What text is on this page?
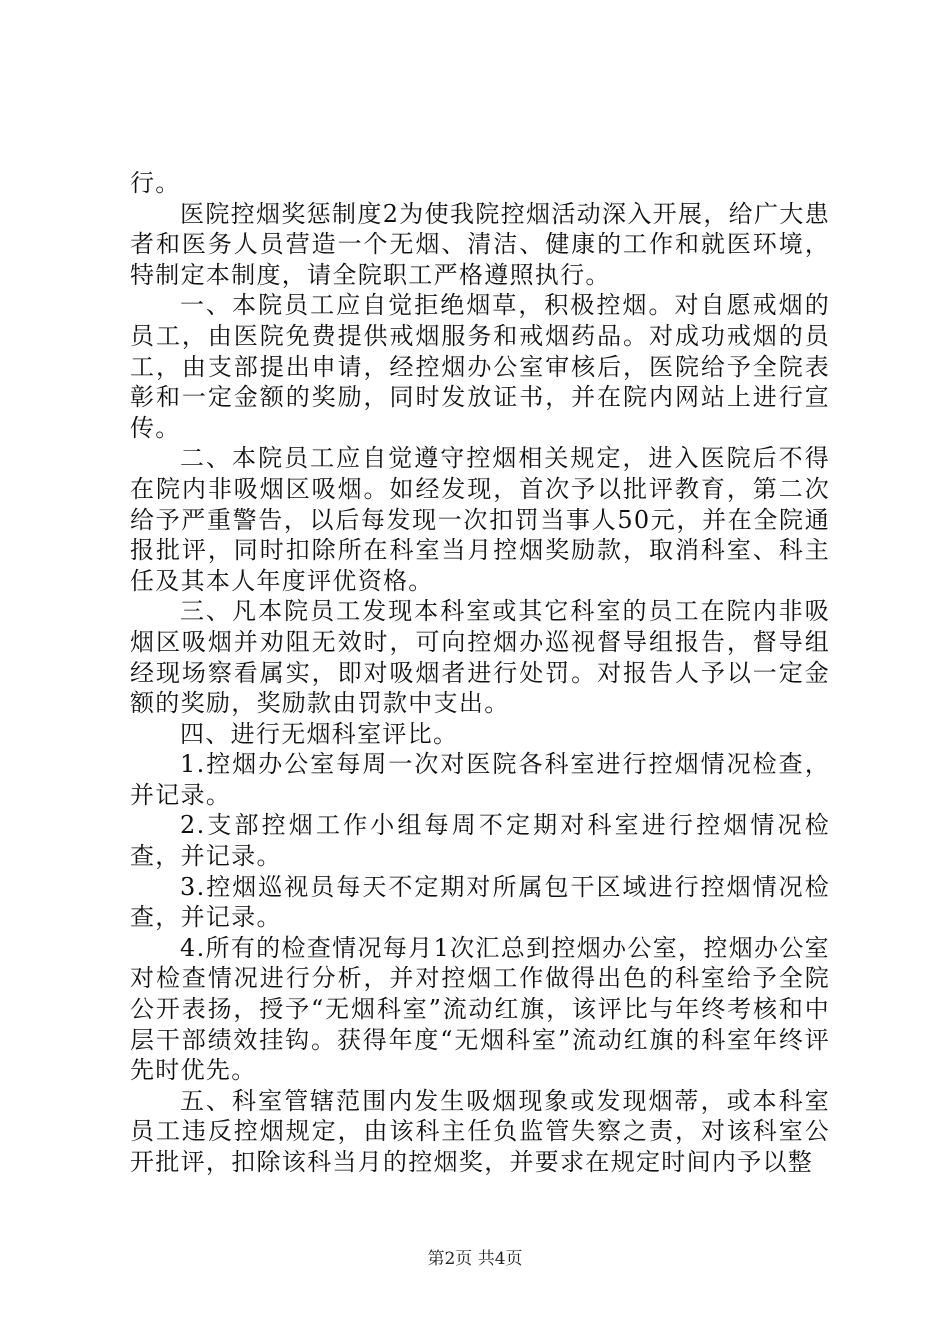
行。

医院控烟奖惩制度2为使我院控烟活动深入开展，给广大患者和医务人员营造一个无烟、清洁、健康的工作和就医环境，特制定本制度，请全院职工严格遵照执行。

一、本院员工应自觉拒绝烟草，积极控烟。对自愿戒烟的员工，由医院免费提供戒烟服务和戒烟药品。对成功戒烟的员工，由支部提出申请，经控烟办公室审核后，医院给予全院表彰和一定金额的奖励，同时发放证书，并在院内网站上进行宣传。

二、本院员工应自觉遵守控烟相关规定，进入医院后不得在院内非吸烟区吸烟。如经发现，首次予以批评教育，第二次给予严重警告，以后每发现一次扣罚当事人50元，并在全院通报批评，同时扣除所在科室当月控烟奖励款，取消科室、科主任及其本人年度评优资格。

三、凡本院员工发现本科室或其它科室的员工在院内非吸烟区吸烟并劝阻无效时，可向控烟办巡视督导组报告，督导组经现场察看属实，即对吸烟者进行处罚。对报告人予以一定金额的奖励，奖励款由罚款中支出。

四、进行无烟科室评比。

1.控烟办公室每周一次对医院各科室进行控烟情况检查，并记录。

2.支部控烟工作小组每周不定期对科室进行控烟情况检查，并记录。

3.控烟巡视员每天不定期对所属包干区域进行控烟情况检查，并记录。

4.所有的检查情况每月1次汇总到控烟办公室，控烟办公室对检查情况进行分析，并对控烟工作做得出色的科室给予全院公开表扬，授予“无烟科室”流动红旗，该评比与年终考核和中层干部绩效挂钩。获得年度“无烟科室”流动红旗的科室年终评先时优先。

五、科室管辖范围内发生吸烟现象或发现烟蒂，或本科室员工违反控烟规定，由该科主任负监管失察之责，对该科室公开批评，扣除该科当月的控烟奖，并要求在规定时间内予以整

第2页 共4页
